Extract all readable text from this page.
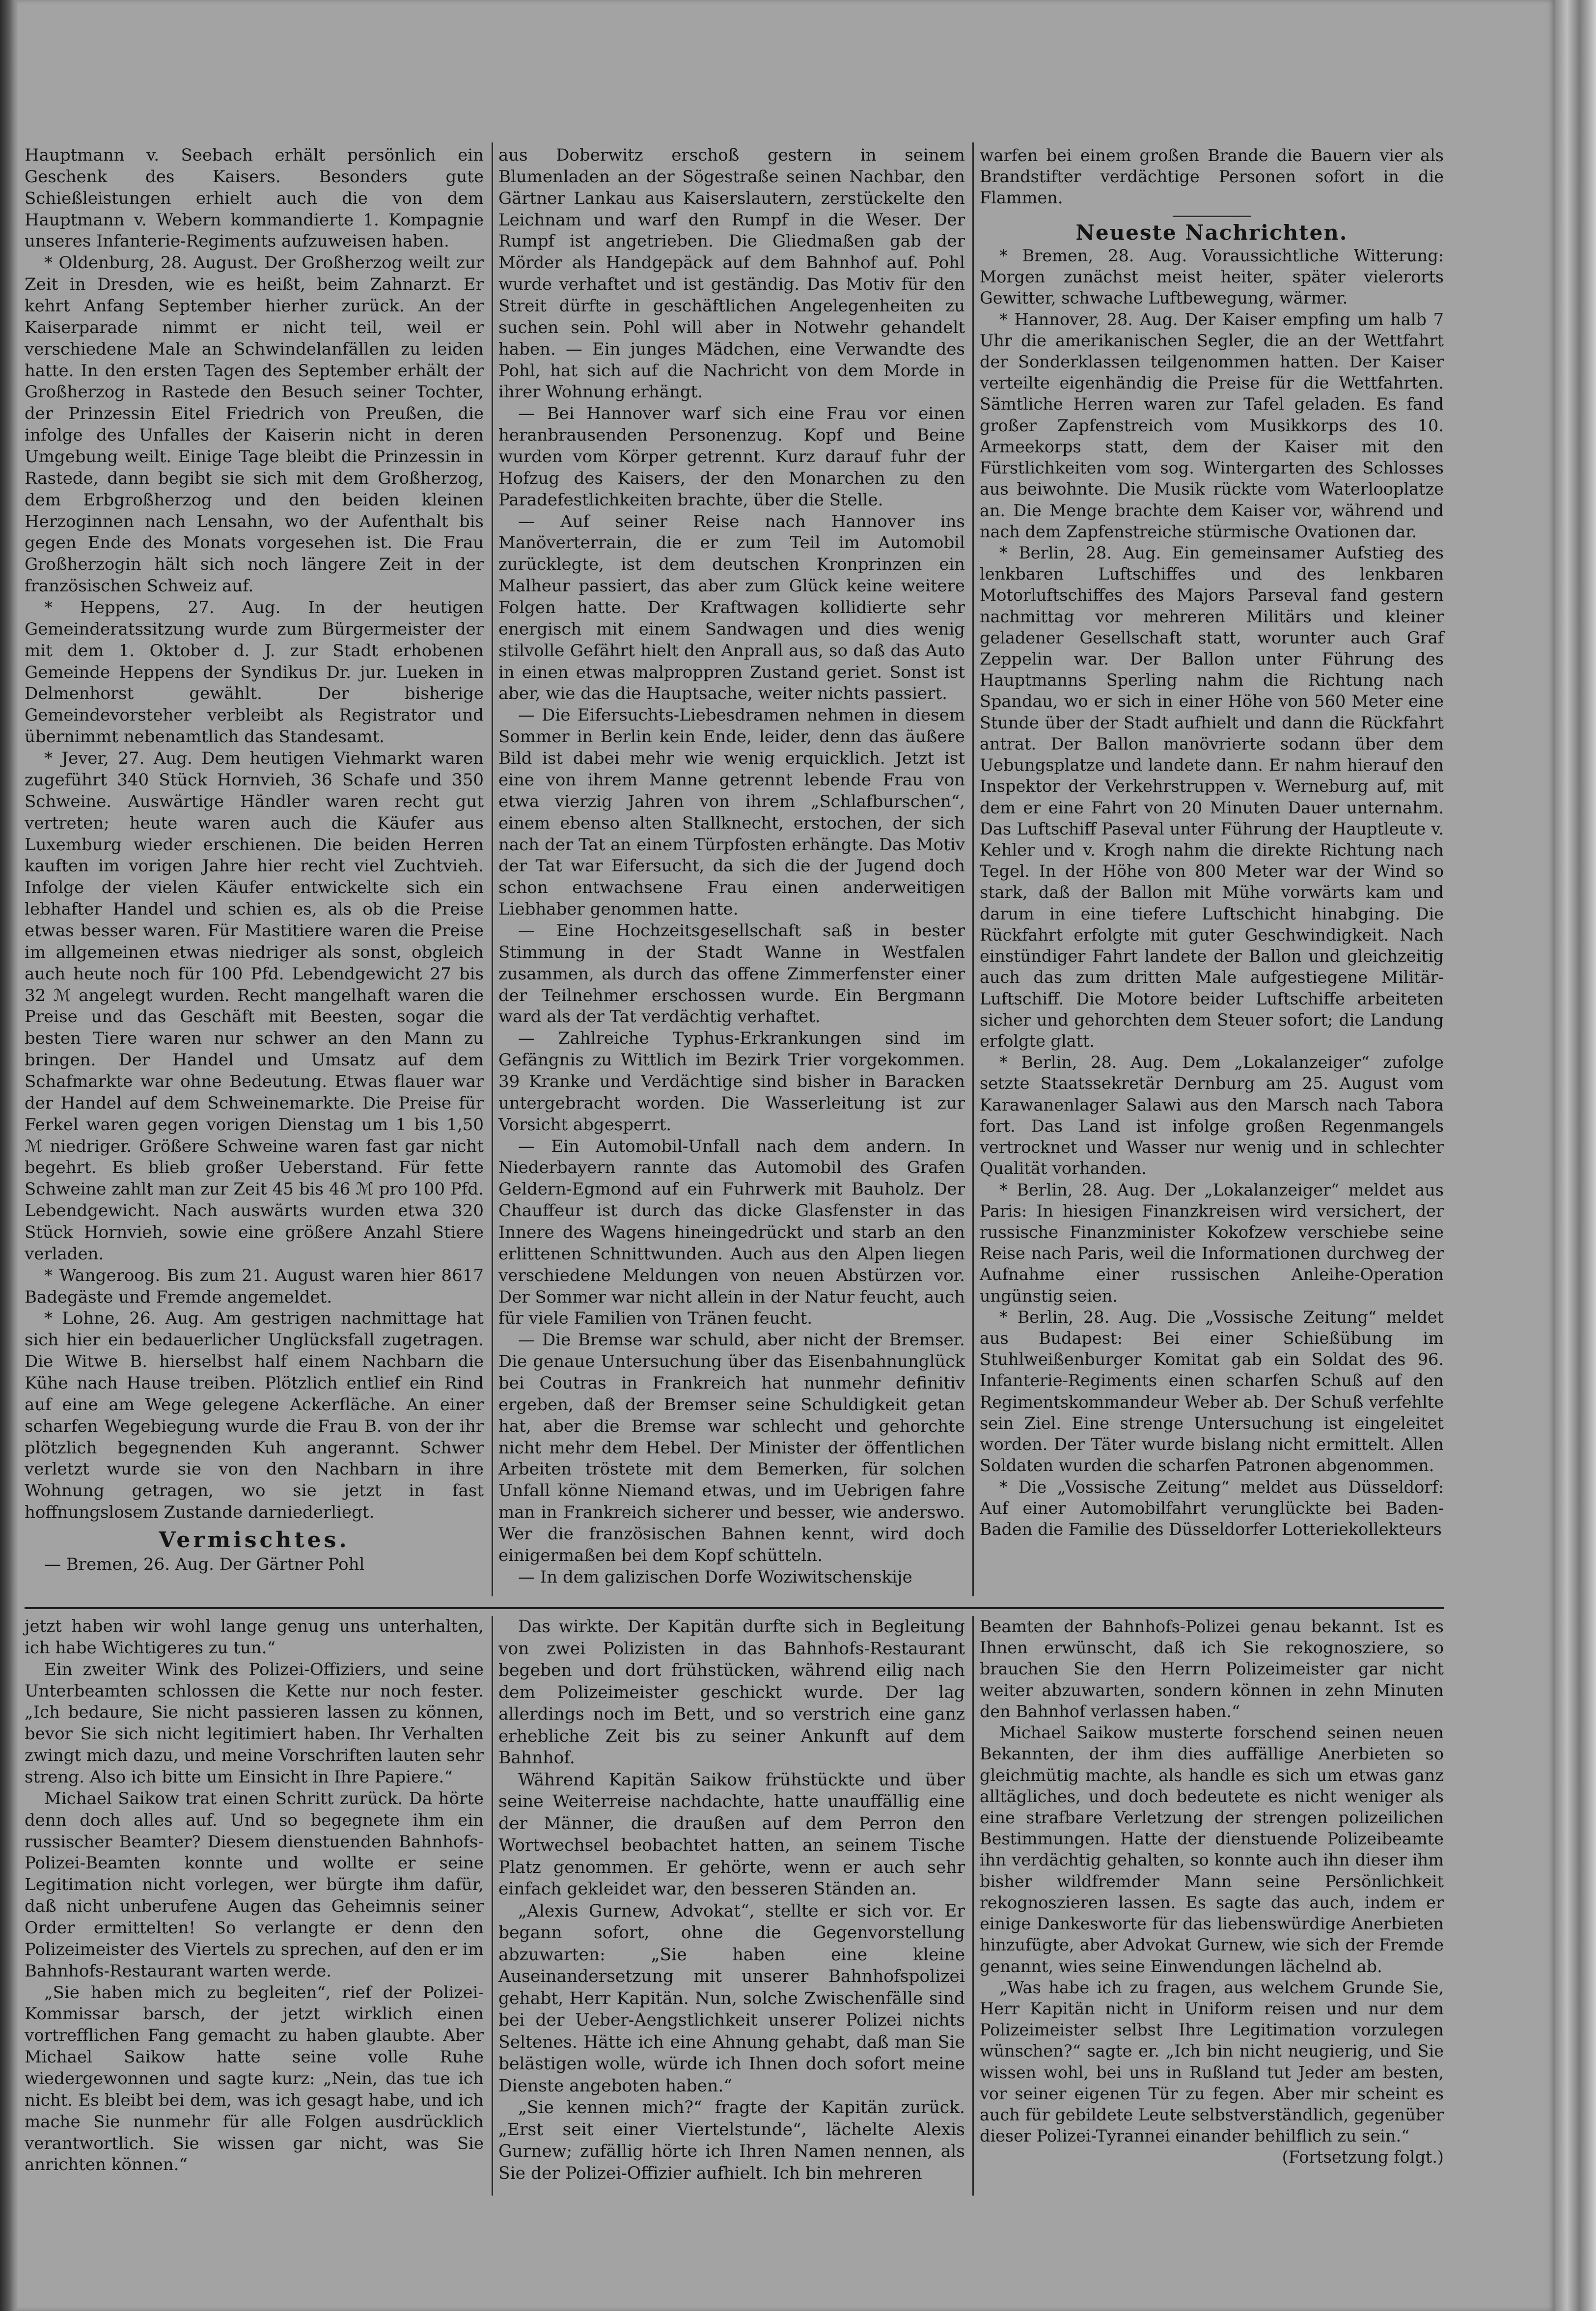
Hauptmann v. Seebach erhält persönlich ein Geschenk des Kaisers. Besonders gute Schießleistungen erhielt auch die von dem Hauptmann v. Webern kommandierte 1. Kompagnie unseres Infanterie-Regiments aufzuweisen haben.

* Oldenburg, 28. August. Der Großherzog weilt zur Zeit in Dresden, wie es heißt, beim Zahnarzt. Er kehrt Anfang September hierher zurück. An der Kaiserparade nimmt er nicht teil, weil er verschiedene Male an Schwindelanfällen zu leiden hatte. In den ersten Tagen des September erhält der Großherzog in Rastede den Besuch seiner Tochter, der Prinzessin Eitel Friedrich von Preußen, die infolge des Unfalles der Kaiserin nicht in deren Umgebung weilt. Einige Tage bleibt die Prinzessin in Rastede, dann begibt sie sich mit dem Großherzog, dem Erbgroßherzog und den beiden kleinen Herzoginnen nach Lensahn, wo der Aufenthalt bis gegen Ende des Monats vorgesehen ist. Die Frau Großherzogin hält sich noch längere Zeit in der französischen Schweiz auf.

* Heppens, 27. Aug. In der heutigen Gemeinderatssitzung wurde zum Bürgermeister der mit dem 1. Oktober d. J. zur Stadt erhobenen Gemeinde Heppens der Syndikus Dr. jur. Lueken in Delmenhorst gewählt. Der bisherige Gemeindevorsteher verbleibt als Registrator und übernimmt nebenamtlich das Standesamt.

* Jever, 27. Aug. Dem heutigen Viehmarkt waren zugeführt 340 Stück Hornvieh, 36 Schafe und 350 Schweine. Auswärtige Händler waren recht gut vertreten; heute waren auch die Käufer aus Luxemburg wieder erschienen. Die beiden Herren kauften im vorigen Jahre hier recht viel Zuchtvieh. Infolge der vielen Käufer entwickelte sich ein lebhafter Handel und schien es, als ob die Preise etwas besser waren. Für Mastitiere waren die Preise im allgemeinen etwas niedriger als sonst, obgleich auch heute noch für 100 Pfd. Lebendgewicht 27 bis 32 ℳ angelegt wurden. Recht mangelhaft waren die Preise und das Geschäft mit Beesten, sogar die besten Tiere waren nur schwer an den Mann zu bringen. Der Handel und Umsatz auf dem Schafmarkte war ohne Bedeutung. Etwas flauer war der Handel auf dem Schweinemarkte. Die Preise für Ferkel waren gegen vorigen Dienstag um 1 bis 1,50 ℳ niedriger. Größere Schweine waren fast gar nicht begehrt. Es blieb großer Ueberstand. Für fette Schweine zahlt man zur Zeit 45 bis 46 ℳ pro 100 Pfd. Lebendgewicht. Nach auswärts wurden etwa 320 Stück Hornvieh, sowie eine größere Anzahl Stiere verladen.

* Wangeroog. Bis zum 21. August waren hier 8617 Badegäste und Fremde angemeldet.

* Lohne, 26. Aug. Am gestrigen nachmittage hat sich hier ein bedauerlicher Unglücksfall zugetragen. Die Witwe B. hierselbst half einem Nachbarn die Kühe nach Hause treiben. Plötzlich entlief ein Rind auf eine am Wege gelegene Ackerfläche. An einer scharfen Wegebiegung wurde die Frau B. von der ihr plötzlich begegnenden Kuh angerannt. Schwer verletzt wurde sie von den Nachbarn in ihre Wohnung getragen, wo sie jetzt in fast hoffnungslosem Zustande darniederliegt.

Vermischtes.

— Bremen, 26. Aug. Der Gärtner Pohl

aus Doberwitz erschoß gestern in seinem Blumenladen an der Sögestraße seinen Nachbar, den Gärtner Lankau aus Kaiserslautern, zerstückelte den Leichnam und warf den Rumpf in die Weser. Der Rumpf ist angetrieben. Die Gliedmaßen gab der Mörder als Handgepäck auf dem Bahnhof auf. Pohl wurde verhaftet und ist geständig. Das Motiv für den Streit dürfte in geschäftlichen Angelegenheiten zu suchen sein. Pohl will aber in Notwehr gehandelt haben. — Ein junges Mädchen, eine Verwandte des Pohl, hat sich auf die Nachricht von dem Morde in ihrer Wohnung erhängt.

— Bei Hannover warf sich eine Frau vor einen heranbrausenden Personenzug. Kopf und Beine wurden vom Körper getrennt. Kurz darauf fuhr der Hofzug des Kaisers, der den Monarchen zu den Paradefestlichkeiten brachte, über die Stelle.

— Auf seiner Reise nach Hannover ins Manöverterrain, die er zum Teil im Automobil zurücklegte, ist dem deutschen Kronprinzen ein Malheur passiert, das aber zum Glück keine weitere Folgen hatte. Der Kraftwagen kollidierte sehr energisch mit einem Sandwagen und dies wenig stilvolle Gefährt hielt den Anprall aus, so daß das Auto in einen etwas malproppren Zustand geriet. Sonst ist aber, wie das die Hauptsache, weiter nichts passiert.

— Die Eifersuchts-Liebesdramen nehmen in diesem Sommer in Berlin kein Ende, leider, denn das äußere Bild ist dabei mehr wie wenig erquicklich. Jetzt ist eine von ihrem Manne getrennt lebende Frau von etwa vierzig Jahren von ihrem „Schlafburschen“, einem ebenso alten Stallknecht, erstochen, der sich nach der Tat an einem Türpfosten erhängte. Das Motiv der Tat war Eifersucht, da sich die der Jugend doch schon entwachsene Frau einen anderweitigen Liebhaber genommen hatte.

— Eine Hochzeitsgesellschaft saß in bester Stimmung in der Stadt Wanne in Westfalen zusammen, als durch das offene Zimmerfenster einer der Teilnehmer erschossen wurde. Ein Bergmann ward als der Tat verdächtig verhaftet.

— Zahlreiche Typhus-Erkrankungen sind im Gefängnis zu Wittlich im Bezirk Trier vorgekommen. 39 Kranke und Verdächtige sind bisher in Baracken untergebracht worden. Die Wasserleitung ist zur Vorsicht abgesperrt.

— Ein Automobil-Unfall nach dem andern. In Niederbayern rannte das Automobil des Grafen Geldern-Egmond auf ein Fuhrwerk mit Bauholz. Der Chauffeur ist durch das dicke Glasfenster in das Innere des Wagens hineingedrückt und starb an den erlittenen Schnittwunden. Auch aus den Alpen liegen verschiedene Meldungen von neuen Abstürzen vor. Der Sommer war nicht allein in der Natur feucht, auch für viele Familien von Tränen feucht.

— Die Bremse war schuld, aber nicht der Bremser. Die genaue Untersuchung über das Eisenbahnunglück bei Coutras in Frankreich hat nunmehr definitiv ergeben, daß der Bremser seine Schuldigkeit getan hat, aber die Bremse war schlecht und gehorchte nicht mehr dem Hebel. Der Minister der öffentlichen Arbeiten tröstete mit dem Bemerken, für solchen Unfall könne Niemand etwas, und im Uebrigen fahre man in Frankreich sicherer und besser, wie anderswo. Wer die französischen Bahnen kennt, wird doch einigermaßen bei dem Kopf schütteln.

— In dem galizischen Dorfe Woziwitschenskije

warfen bei einem großen Brande die Bauern vier als Brandstifter verdächtige Personen sofort in die Flammen.

Neueste Nachrichten.

* Bremen, 28. Aug. Voraussichtliche Witterung: Morgen zunächst meist heiter, später vielerorts Gewitter, schwache Luftbewegung, wärmer.

* Hannover, 28. Aug. Der Kaiser empfing um halb 7 Uhr die amerikanischen Segler, die an der Wettfahrt der Sonderklassen teilgenommen hatten. Der Kaiser verteilte eigenhändig die Preise für die Wettfahrten. Sämtliche Herren waren zur Tafel geladen. Es fand großer Zapfenstreich vom Musikkorps des 10. Armeekorps statt, dem der Kaiser mit den Fürstlichkeiten vom sog. Wintergarten des Schlosses aus beiwohnte. Die Musik rückte vom Waterlooplatze an. Die Menge brachte dem Kaiser vor, während und nach dem Zapfenstreiche stürmische Ovationen dar.

* Berlin, 28. Aug. Ein gemeinsamer Aufstieg des lenkbaren Luftschiffes und des lenkbaren Motorluftschiffes des Majors Parseval fand gestern nachmittag vor mehreren Militärs und kleiner geladener Gesellschaft statt, worunter auch Graf Zeppelin war. Der Ballon unter Führung des Hauptmanns Sperling nahm die Richtung nach Spandau, wo er sich in einer Höhe von 560 Meter eine Stunde über der Stadt aufhielt und dann die Rückfahrt antrat. Der Ballon manövrierte sodann über dem Uebungsplatze und landete dann. Er nahm hierauf den Inspektor der Verkehrstruppen v. Werneburg auf, mit dem er eine Fahrt von 20 Minuten Dauer unternahm. Das Luftschiff Paseval unter Führung der Hauptleute v. Kehler und v. Krogh nahm die direkte Richtung nach Tegel. In der Höhe von 800 Meter war der Wind so stark, daß der Ballon mit Mühe vorwärts kam und darum in eine tiefere Luftschicht hinabging. Die Rückfahrt erfolgte mit guter Geschwindigkeit. Nach einstündiger Fahrt landete der Ballon und gleichzeitig auch das zum dritten Male aufgestiegene Militär-Luftschiff. Die Motore beider Luftschiffe arbeiteten sicher und gehorchten dem Steuer sofort; die Landung erfolgte glatt.

* Berlin, 28. Aug. Dem „Lokalanzeiger“ zufolge setzte Staatssekretär Dernburg am 25. August vom Karawanenlager Salawi aus den Marsch nach Tabora fort. Das Land ist infolge großen Regenmangels vertrocknet und Wasser nur wenig und in schlechter Qualität vorhanden.

* Berlin, 28. Aug. Der „Lokalanzeiger“ meldet aus Paris: In hiesigen Finanzkreisen wird versichert, der russische Finanzminister Kokofzew verschiebe seine Reise nach Paris, weil die Informationen durchweg der Aufnahme einer russischen Anleihe-Operation ungünstig seien.

* Berlin, 28. Aug. Die „Vossische Zeitung“ meldet aus Budapest: Bei einer Schießübung im Stuhlweißenburger Komitat gab ein Soldat des 96. Infanterie-Regiments einen scharfen Schuß auf den Regimentskommandeur Weber ab. Der Schuß verfehlte sein Ziel. Eine strenge Untersuchung ist eingeleitet worden. Der Täter wurde bislang nicht ermittelt. Allen Soldaten wurden die scharfen Patronen abgenommen.

* Die „Vossische Zeitung“ meldet aus Düsseldorf: Auf einer Automobilfahrt verunglückte bei Baden-Baden die Familie des Düsseldorfer Lotteriekollekteurs

jetzt haben wir wohl lange genug uns unterhalten, ich habe Wichtigeres zu tun.“

Ein zweiter Wink des Polizei-Offiziers, und seine Unterbeamten schlossen die Kette nur noch fester. „Ich bedaure, Sie nicht passieren lassen zu können, bevor Sie sich nicht legitimiert haben. Ihr Verhalten zwingt mich dazu, und meine Vorschriften lauten sehr streng. Also ich bitte um Einsicht in Ihre Papiere.“

Michael Saikow trat einen Schritt zurück. Da hörte denn doch alles auf. Und so begegnete ihm ein russischer Beamter? Diesem dienstuenden Bahnhofs-Polizei-Beamten konnte und wollte er seine Legitimation nicht vorlegen, wer bürgte ihm dafür, daß nicht unberufene Augen das Geheimnis seiner Order ermittelten! So verlangte er denn den Polizeimeister des Viertels zu sprechen, auf den er im Bahnhofs-Restaurant warten werde.

„Sie haben mich zu begleiten“, rief der Polizei-Kommissar barsch, der jetzt wirklich einen vortrefflichen Fang gemacht zu haben glaubte. Aber Michael Saikow hatte seine volle Ruhe wiedergewonnen und sagte kurz: „Nein, das tue ich nicht. Es bleibt bei dem, was ich gesagt habe, und ich mache Sie nunmehr für alle Folgen ausdrücklich verantwortlich. Sie wissen gar nicht, was Sie anrichten können.“

Das wirkte. Der Kapitän durfte sich in Begleitung von zwei Polizisten in das Bahnhofs-Restaurant begeben und dort frühstücken, während eilig nach dem Polizeimeister geschickt wurde. Der lag allerdings noch im Bett, und so verstrich eine ganz erhebliche Zeit bis zu seiner Ankunft auf dem Bahnhof.

Während Kapitän Saikow frühstückte und über seine Weiterreise nachdachte, hatte unauffällig eine der Männer, die draußen auf dem Perron den Wortwechsel beobachtet hatten, an seinem Tische Platz genommen. Er gehörte, wenn er auch sehr einfach gekleidet war, den besseren Ständen an.

„Alexis Gurnew, Advokat“, stellte er sich vor. Er begann sofort, ohne die Gegenvorstellung abzuwarten: „Sie haben eine kleine Auseinandersetzung mit unserer Bahnhofspolizei gehabt, Herr Kapitän. Nun, solche Zwischenfälle sind bei der Ueber-Aengstlichkeit unserer Polizei nichts Seltenes. Hätte ich eine Ahnung gehabt, daß man Sie belästigen wolle, würde ich Ihnen doch sofort meine Dienste angeboten haben.“

„Sie kennen mich?“ fragte der Kapitän zurück. „Erst seit einer Viertelstunde“, lächelte Alexis Gurnew; zufällig hörte ich Ihren Namen nennen, als Sie der Polizei-Offizier aufhielt. Ich bin mehreren

Beamten der Bahnhofs-Polizei genau bekannt. Ist es Ihnen erwünscht, daß ich Sie rekognosziere, so brauchen Sie den Herrn Polizeimeister gar nicht weiter abzuwarten, sondern können in zehn Minuten den Bahnhof verlassen haben.“

Michael Saikow musterte forschend seinen neuen Bekannten, der ihm dies auffällige Anerbieten so gleichmütig machte, als handle es sich um etwas ganz alltägliches, und doch bedeutete es nicht weniger als eine strafbare Verletzung der strengen polizeilichen Bestimmungen. Hatte der dienstuende Polizeibeamte ihn verdächtig gehalten, so konnte auch ihn dieser ihm bisher wildfremder Mann seine Persönlichkeit rekognoszieren lassen. Es sagte das auch, indem er einige Dankesworte für das liebenswürdige Anerbieten hinzufügte, aber Advokat Gurnew, wie sich der Fremde genannt, wies seine Einwendungen lächelnd ab.

„Was habe ich zu fragen, aus welchem Grunde Sie, Herr Kapitän nicht in Uniform reisen und nur dem Polizeimeister selbst Ihre Legitimation vorzulegen wünschen?“ sagte er. „Ich bin nicht neugierig, und Sie wissen wohl, bei uns in Rußland tut Jeder am besten, vor seiner eigenen Tür zu fegen. Aber mir scheint es auch für gebildete Leute selbstverständlich, gegenüber dieser Polizei-Tyrannei einander behilflich zu sein.“

(Fortsetzung folgt.)
